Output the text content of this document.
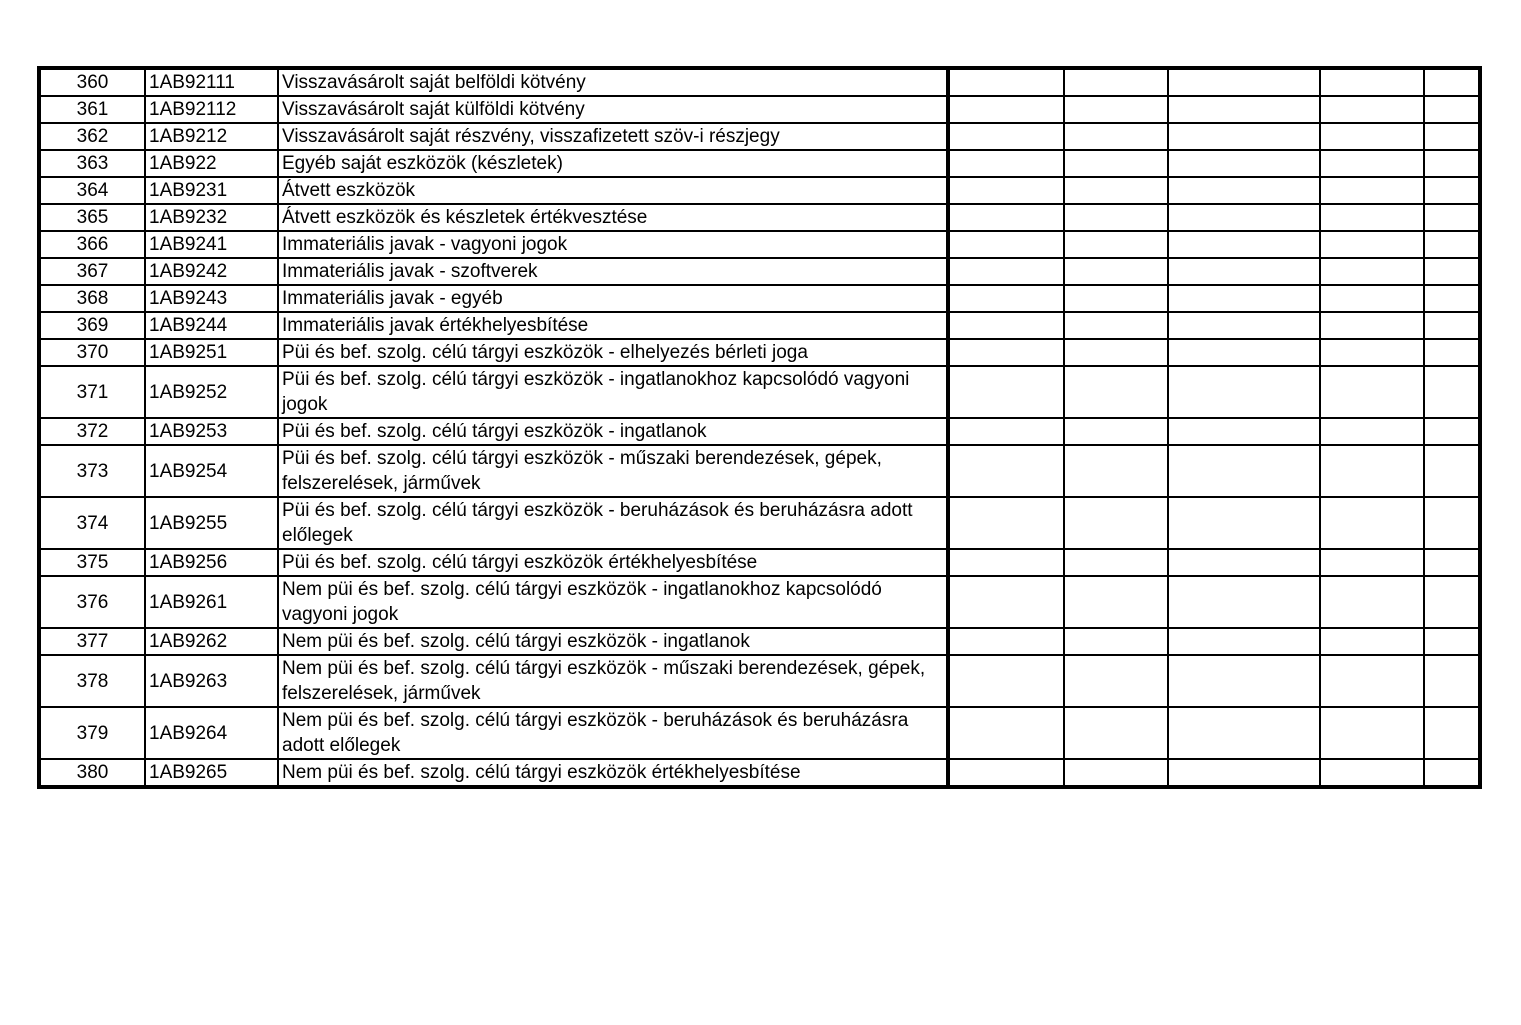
360	1AB92111	Visszavásárolt saját belföldi kötvény					
361	1AB92112	Visszavásárolt saját külföldi kötvény					
362	1AB9212	Visszavásárolt saját részvény, visszafizetett szöv-i részjegy					
363	1AB922	Egyéb saját eszközök (készletek)					
364	1AB9231	Átvett eszközök					
365	1AB9232	Átvett eszközök és készletek értékvesztése					
366	1AB9241	Immateriális javak - vagyoni jogok					
367	1AB9242	Immateriális javak - szoftverek					
368	1AB9243	Immateriális javak - egyéb					
369	1AB9244	Immateriális javak értékhelyesbítése					
370	1AB9251	Püi és bef. szolg. célú tárgyi eszközök - elhelyezés bérleti joga					
371	1AB9252	Püi és bef. szolg. célú tárgyi eszközök - ingatlanokhoz kapcsolódó vagyoni jogok					
372	1AB9253	Püi és bef. szolg. célú tárgyi eszközök - ingatlanok					
373	1AB9254	Püi és bef. szolg. célú tárgyi eszközök - műszaki berendezések, gépek, felszerelések, járművek					
374	1AB9255	Püi és bef. szolg. célú tárgyi eszközök - beruházások és beruházásra adott előlegek					
375	1AB9256	Püi és bef. szolg. célú tárgyi eszközök értékhelyesbítése					
376	1AB9261	Nem püi és bef. szolg. célú tárgyi eszközök - ingatlanokhoz kapcsolódó vagyoni jogok					
377	1AB9262	Nem püi és bef. szolg. célú tárgyi eszközök - ingatlanok					
378	1AB9263	Nem püi és bef. szolg. célú tárgyi eszközök - műszaki berendezések, gépek, felszerelések, járművek					
379	1AB9264	Nem püi és bef. szolg. célú tárgyi eszközök - beruházások és beruházásra adott előlegek					
380	1AB9265	Nem püi és bef. szolg. célú tárgyi eszközök értékhelyesbítése					
